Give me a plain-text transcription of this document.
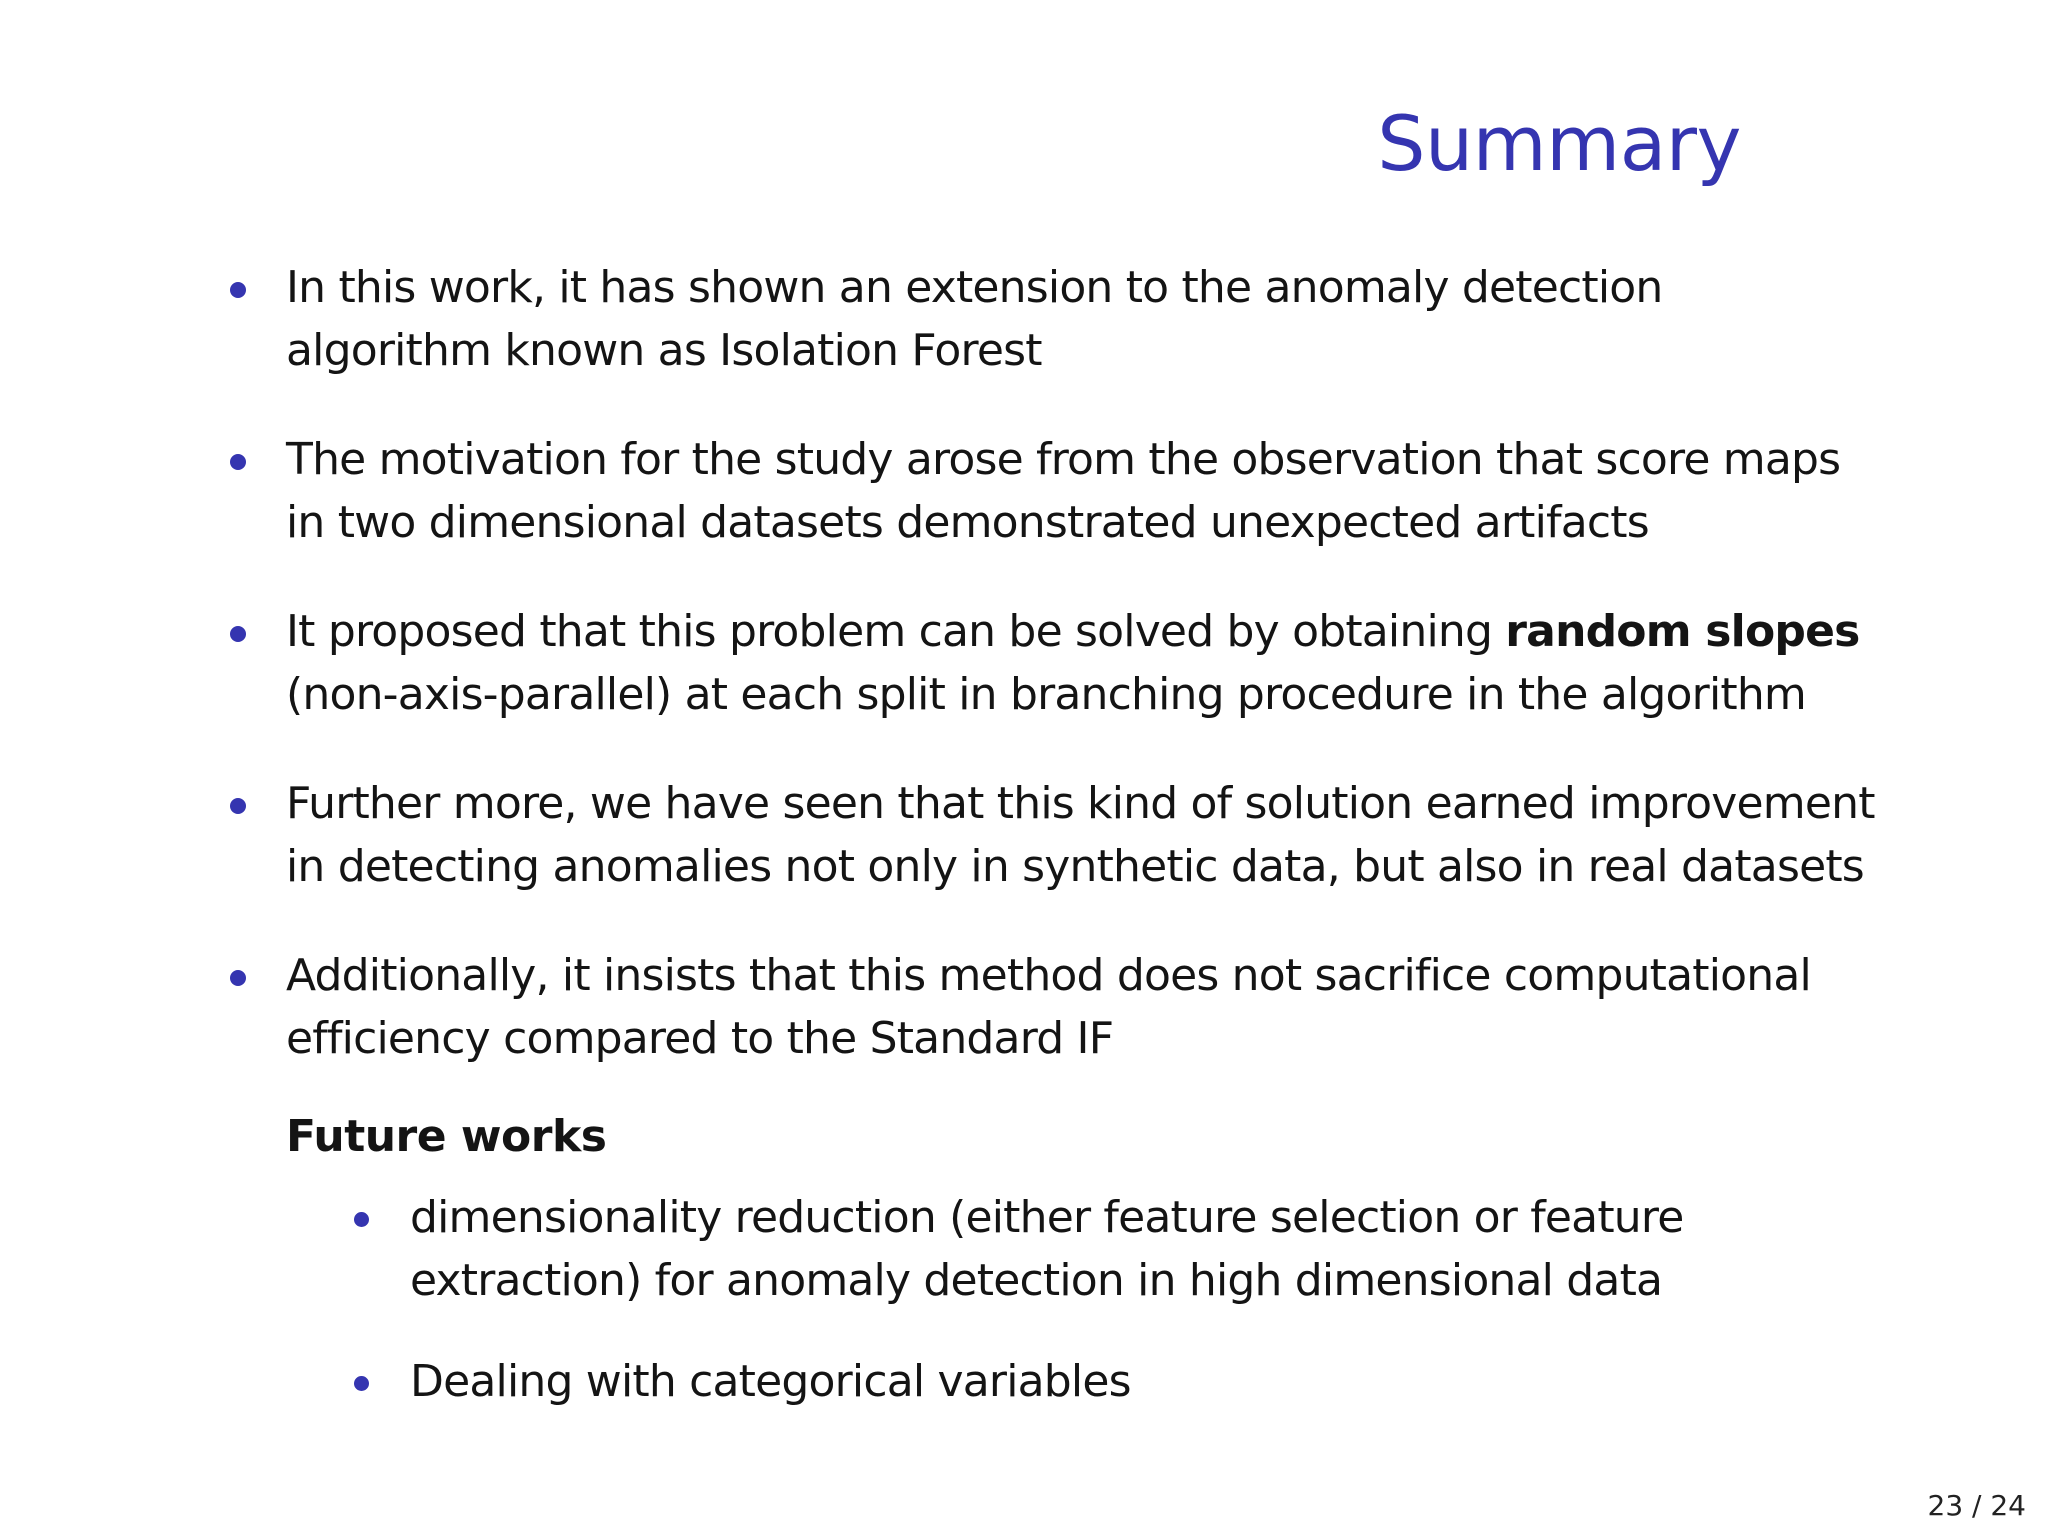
Summary
In this work, it has shown an extension to the anomaly detection
algorithm known as Isolation Forest
The motivation for the study arose from the observation that score maps
in two dimensional datasets demonstrated unexpected artifacts
It proposed that this problem can be solved by obtaining random slopes
(non-axis-parallel) at each split in branching procedure in the algorithm
Further more, we have seen that this kind of solution earned improvement
in detecting anomalies not only in synthetic data, but also in real datasets
Additionally, it insists that this method does not sacrifice computational
efficiency compared to the Standard IF
Future works
dimensionality reduction (either feature selection or feature
extraction) for anomaly detection in high dimensional data
Dealing with categorical variables
23 / 24
